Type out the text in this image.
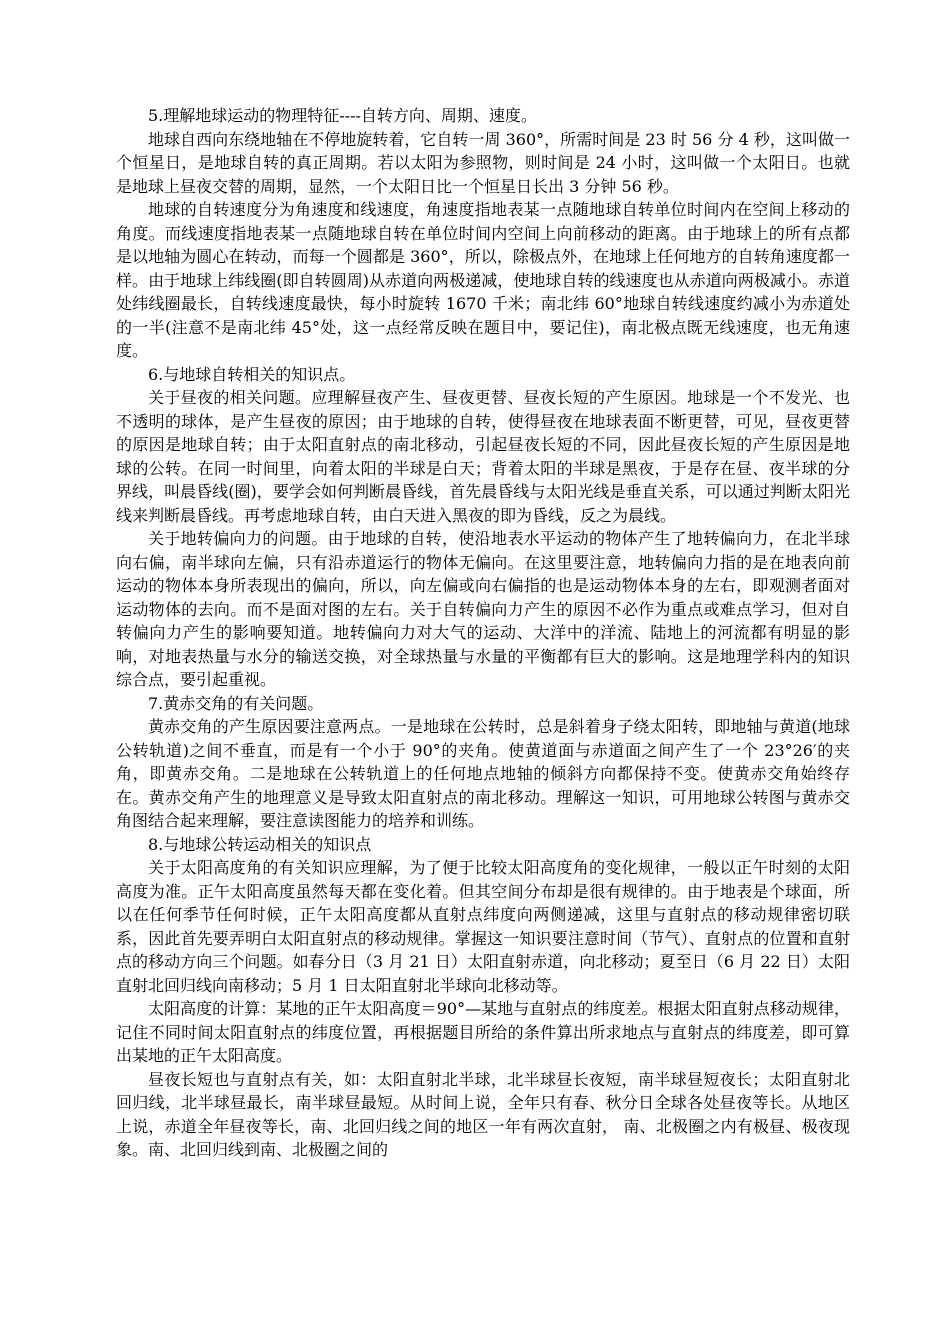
5.理解地球运动的物理特征----自转方向、周期、速度。

地球自西向东绕地轴在不停地旋转着，它自转一周 360°，所需时间是 23 时 56 分 4 秒，这叫做一个恒星日，是地球自转的真正周期。若以太阳为参照物，则时间是 24 小时，这叫做一个太阳日。也就是地球上昼夜交替的周期，显然，一个太阳日比一个恒星日长出 3 分钟 56 秒。

地球的自转速度分为角速度和线速度，角速度指地表某一点随地球自转单位时间内在空间上移动的角度。而线速度指地表某一点随地球自转在单位时间内空间上向前移动的距离。由于地球上的所有点都是以地轴为圆心在转动，而每一个圆都是 360°，所以，除极点外，在地球上任何地方的自转角速度都一样。由于地球上纬线圈(即自转圆周)从赤道向两极递减，使地球自转的线速度也从赤道向两极减小。赤道处纬线圈最长，自转线速度最快，每小时旋转 1670 千米；南北纬 60°地球自转线速度约减小为赤道处的一半(注意不是南北纬 45°处，这一点经常反映在题目中，要记住)，南北极点既无线速度，也无角速度。

6.与地球自转相关的知识点。

关于昼夜的相关问题。应理解昼夜产生、昼夜更替、昼夜长短的产生原因。地球是一个不发光、也不透明的球体，是产生昼夜的原因；由于地球的自转，使得昼夜在地球表面不断更替，可见，昼夜更替的原因是地球自转；由于太阳直射点的南北移动，引起昼夜长短的不同，因此昼夜长短的产生原因是地球的公转。在同一时间里，向着太阳的半球是白天；背着太阳的半球是黑夜，于是存在昼、夜半球的分界线，叫晨昏线(圈)，要学会如何判断晨昏线，首先晨昏线与太阳光线是垂直关系，可以通过判断太阳光线来判断晨昏线。再考虑地球自转，由白天进入黑夜的即为昏线，反之为晨线。

关于地转偏向力的问题。由于地球的自转，使沿地表水平运动的物体产生了地转偏向力，在北半球向右偏，南半球向左偏，只有沿赤道运行的物体无偏向。在这里要注意，地转偏向力指的是在地表向前运动的物体本身所表现出的偏向，所以，向左偏或向右偏指的也是运动物体本身的左右，即观测者面对运动物体的去向。而不是面对图的左右。关于自转偏向力产生的原因不必作为重点或难点学习，但对自转偏向力产生的影响要知道。地转偏向力对大气的运动、大洋中的洋流、陆地上的河流都有明显的影响，对地表热量与水分的输送交换，对全球热量与水量的平衡都有巨大的影响。这是地理学科内的知识综合点，要引起重视。

7.黄赤交角的有关问题。

黄赤交角的产生原因要注意两点。一是地球在公转时，总是斜着身子绕太阳转，即地轴与黄道(地球公转轨道)之间不垂直，而是有一个小于 90°的夹角。使黄道面与赤道面之间产生了一个 23°26′的夹角，即黄赤交角。二是地球在公转轨道上的任何地点地轴的倾斜方向都保持不变。使黄赤交角始终存在。黄赤交角产生的地理意义是导致太阳直射点的南北移动。理解这一知识，可用地球公转图与黄赤交角图结合起来理解，要注意读图能力的培养和训练。

8.与地球公转运动相关的知识点

关于太阳高度角的有关知识应理解，为了便于比较太阳高度角的变化规律，一般以正午时刻的太阳高度为准。正午太阳高度虽然每天都在变化着。但其空间分布却是很有规律的。由于地表是个球面，所以在任何季节任何时候，正午太阳高度都从直射点纬度向两侧递减，这里与直射点的移动规律密切联系，因此首先要弄明白太阳直射点的移动规律。掌握这一知识要注意时间（节气）、直射点的位置和直射点的移动方向三个问题。如春分日（3 月 21 日）太阳直射赤道，向北移动；夏至日（6 月 22 日）太阳直射北回归线向南移动；5 月 1 日太阳直射北半球向北移动等。

太阳高度的计算：某地的正午太阳高度＝90°—某地与直射点的纬度差。根据太阳直射点移动规律，记住不同时间太阳直射点的纬度位置，再根据题目所给的条件算出所求地点与直射点的纬度差，即可算出某地的正午太阳高度。

昼夜长短也与直射点有关，如：太阳直射北半球，北半球昼长夜短，南半球昼短夜长；太阳直射北回归线，北半球昼最长，南半球昼最短。从时间上说，全年只有春、秋分日全球各处昼夜等长。从地区上说，赤道全年昼夜等长，南、北回归线之间的地区一年有两次直射， 南、北极圈之内有极昼、极夜现象。南、北回归线到南、北极圈之间的
